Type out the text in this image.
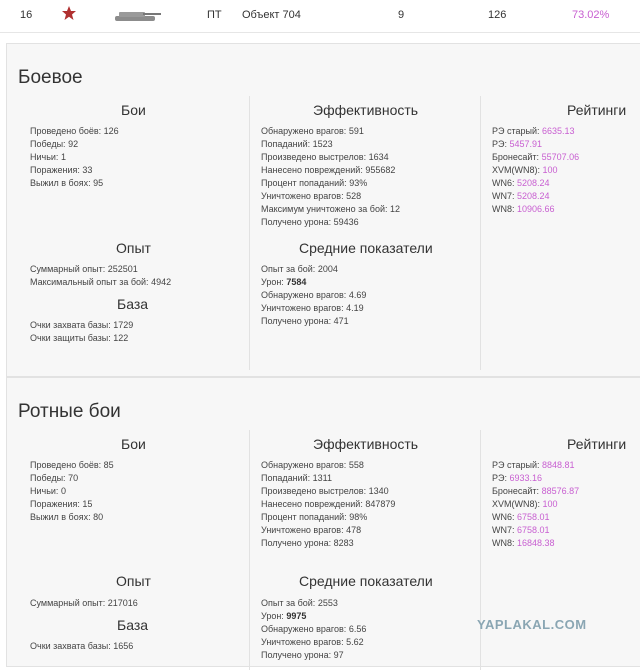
16	ПТ Объект 704	9	126	73.02%
Боевое
Бои
Проведено боёв: 126
Победы: 92
Ничьи: 1
Поражения: 33
Выжил в боях: 95
Опыт
Суммарный опыт: 252501
Максимальный опыт за бой: 4942
База
Очки захвата базы: 1729
Очки защиты базы: 122
Эффективность
Обнаружено врагов: 591
Попаданий: 1523
Произведено выстрелов: 1634
Нанесено повреждений: 955682
Процент попаданий: 93%
Уничтожено врагов: 528
Максимум уничтожено за бой: 12
Получено урона: 59436
Средние показатели
Опыт за бой: 2004
Урон: 7584
Обнаружено врагов: 4.69
Уничтожено врагов: 4.19
Получено урона: 471
Рейтинги
РЭ старый: 6635.13
РЭ: 5457.91
Бронесайт: 55707.06
XVM(WN8): 100
WN6: 5208.24
WN7: 5208.24
WN8: 10906.66
Ротные бои
Бои
Проведено боёв: 85
Победы: 70
Ничьи: 0
Поражения: 15
Выжил в боях: 80
Опыт
Суммарный опыт: 217016
База
Очки захвата базы: 1656
Эффективность
Обнаружено врагов: 558
Попаданий: 1311
Произведено выстрелов: 1340
Нанесено повреждений: 847879
Процент попаданий: 98%
Уничтожено врагов: 478
Получено урона: 8283
Средние показатели
Опыт за бой: 2553
Урон: 9975
Обнаружено врагов: 6.56
Уничтожено врагов: 5.62
Получено урона: 97
Рейтинги
РЭ старый: 8848.81
РЭ: 6933.16
Бронесайт: 88576.87
XVM(WN8): 100
WN6: 6758.01
WN7: 6758.01
WN8: 16848.38
YAPLAKAL.COM
